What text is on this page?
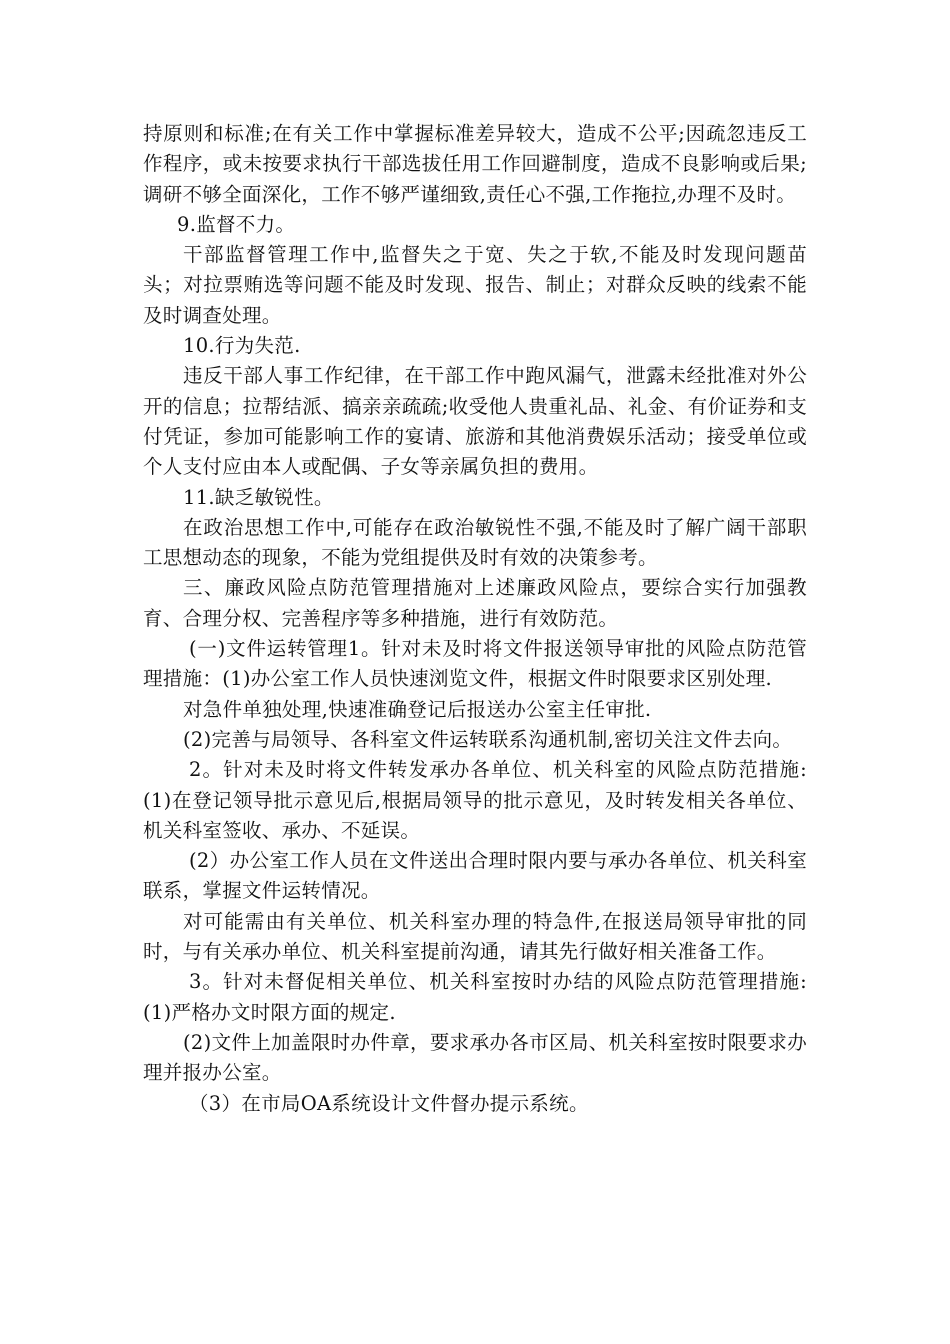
持原则和标准;在有关工作中掌握标准差异较大，造成不公平;因疏忽违反工作程序，或未按要求执行干部选拔任用工作回避制度，造成不良影响或后果;调研不够全面深化，工作不够严谨细致,责任心不强,工作拖拉,办理不及时。

9.监督不力。

干部监督管理工作中,监督失之于宽、失之于软,不能及时发现问题苗头；对拉票贿选等问题不能及时发现、报告、制止；对群众反映的线索不能及时调查处理。

10.行为失范.

违反干部人事工作纪律，在干部工作中跑风漏气，泄露未经批准对外公开的信息；拉帮结派、搞亲亲疏疏;收受他人贵重礼品、礼金、有价证券和支付凭证，参加可能影响工作的宴请、旅游和其他消费娱乐活动；接受单位或个人支付应由本人或配偶、子女等亲属负担的费用。

11.缺乏敏锐性。

在政治思想工作中,可能存在政治敏锐性不强,不能及时了解广阔干部职工思想动态的现象，不能为党组提供及时有效的决策参考。

三、廉政风险点防范管理措施对上述廉政风险点，要综合实行加强教育、合理分权、完善程序等多种措施，进行有效防范。

(一)文件运转管理1。针对未及时将文件报送领导审批的风险点防范管理措施：(1)办公室工作人员快速浏览文件，根据文件时限要求区别处理.

对急件单独处理,快速准确登记后报送办公室主任审批.

(2)完善与局领导、各科室文件运转联系沟通机制,密切关注文件去向。

2。针对未及时将文件转发承办各单位、机关科室的风险点防范措施:(1)在登记领导批示意见后,根据局领导的批示意见，及时转发相关各单位、机关科室签收、承办、不延误。

(2）办公室工作人员在文件送出合理时限内要与承办各单位、机关科室联系，掌握文件运转情况。

对可能需由有关单位、机关科室办理的特急件,在报送局领导审批的同时，与有关承办单位、机关科室提前沟通，请其先行做好相关准备工作。

3。针对未督促相关单位、机关科室按时办结的风险点防范管理措施:(1)严格办文时限方面的规定.

(2)文件上加盖限时办件章，要求承办各市区局、机关科室按时限要求办理并报办公室。

（3）在市局OA系统设计文件督办提示系统。
